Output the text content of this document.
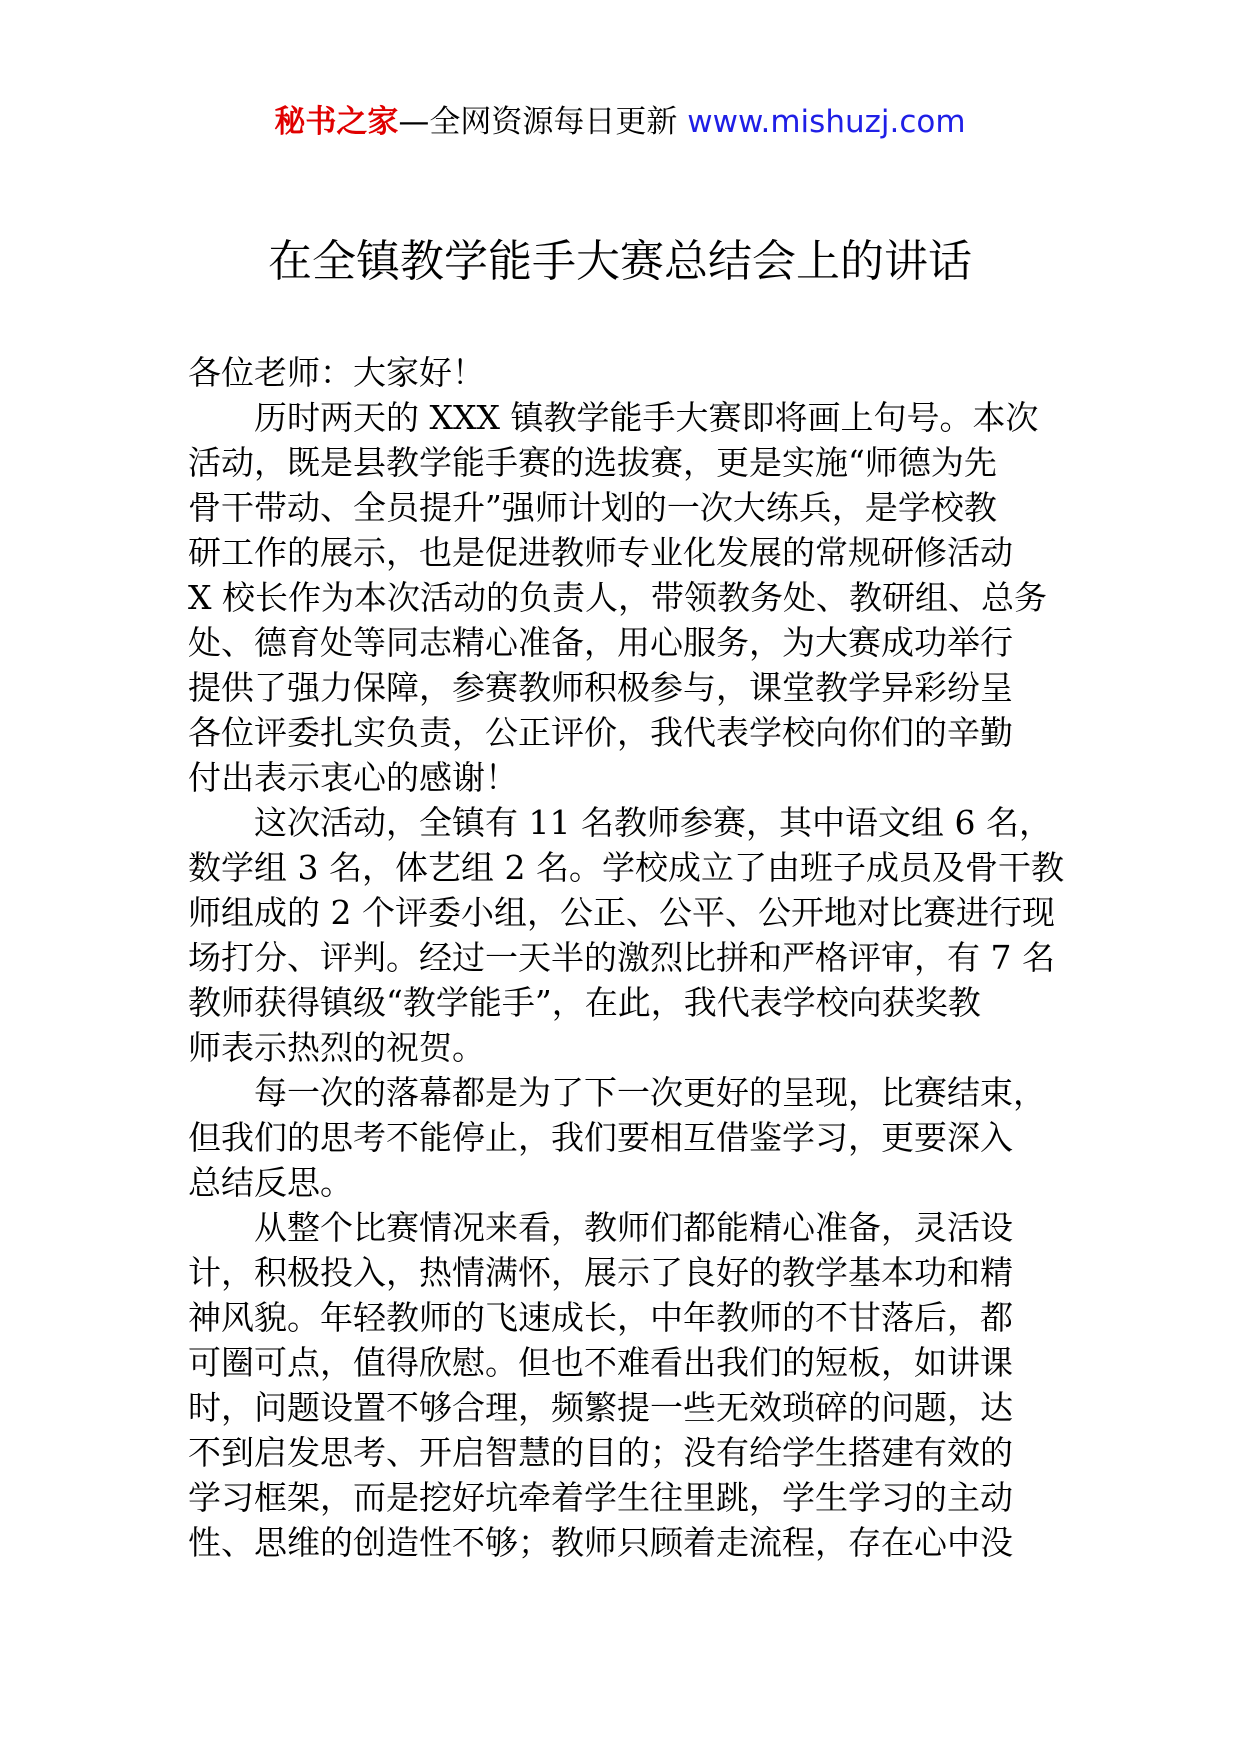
秘书之家—全网资源每日更新 www.mishuzj.com
在全镇教学能手大赛总结会上的讲话

各位老师：大家好！

历时两天的 XXX 镇教学能手大赛即将画上句号。本次

活动，既是县教学能手赛的选拔赛，更是实施“师德为先

骨干带动、全员提升”强师计划的一次大练兵，是学校教

研工作的展示，也是促进教师专业化发展的常规研修活动

X 校长作为本次活动的负责人，带领教务处、教研组、总务

处、德育处等同志精心准备，用心服务，为大赛成功举行

提供了强力保障，参赛教师积极参与，课堂教学异彩纷呈

各位评委扎实负责，公正评价，我代表学校向你们的辛勤

付出表示衷心的感谢！

这次活动，全镇有 11 名教师参赛，其中语文组 6 名，

数学组 3 名，体艺组 2 名。学校成立了由班子成员及骨干教

师组成的 2 个评委小组，公正、公平、公开地对比赛进行现

场打分、评判。经过一天半的激烈比拼和严格评审，有 7 名

教师获得镇级“教学能手”，在此，我代表学校向获奖教

师表示热烈的祝贺。

每一次的落幕都是为了下一次更好的呈现，比赛结束，

但我们的思考不能停止，我们要相互借鉴学习，更要深入

总结反思。

从整个比赛情况来看，教师们都能精心准备，灵活设

计，积极投入，热情满怀，展示了良好的教学基本功和精

神风貌。年轻教师的飞速成长，中年教师的不甘落后，都

可圈可点，值得欣慰。但也不难看出我们的短板，如讲课

时，问题设置不够合理，频繁提一些无效琐碎的问题，达

不到启发思考、开启智慧的目的；没有给学生搭建有效的

学习框架，而是挖好坑牵着学生往里跳，学生学习的主动

性、思维的创造性不够；教师只顾着走流程，存在心中没
